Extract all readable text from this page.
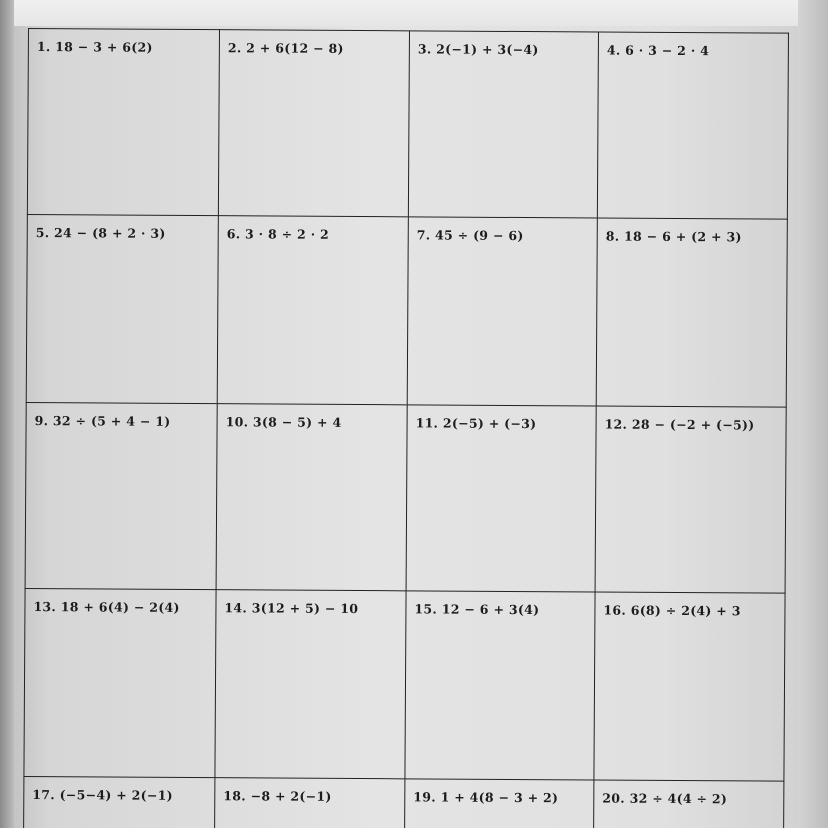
1. 18 − 3 + 6(2)	2. 2 + 6(12 − 8)	3. 2(−1) + 3(−4)	4. 6 · 3 − 2 · 4
5. 24 − (8 + 2 · 3)	6. 3 · 8 ÷ 2 · 2	7. 45 ÷ (9 − 6)	8. 18 − 6 + (2 + 3)
9. 32 ÷ (5 + 4 − 1)	10. 3(8 − 5) + 4	11. 2(−5) + (−3)	12. 28 − (−2 + (−5))
13. 18 + 6(4) − 2(4)	14. 3(12 + 5) − 10	15. 12 − 6 + 3(4)	16. 6(8) ÷ 2(4) + 3
17. (−5−4) + 2(−1)	18. −8 + 2(−1)	19. 1 + 4(8 − 3 + 2)	20. 32 ÷ 4(4 ÷ 2)
